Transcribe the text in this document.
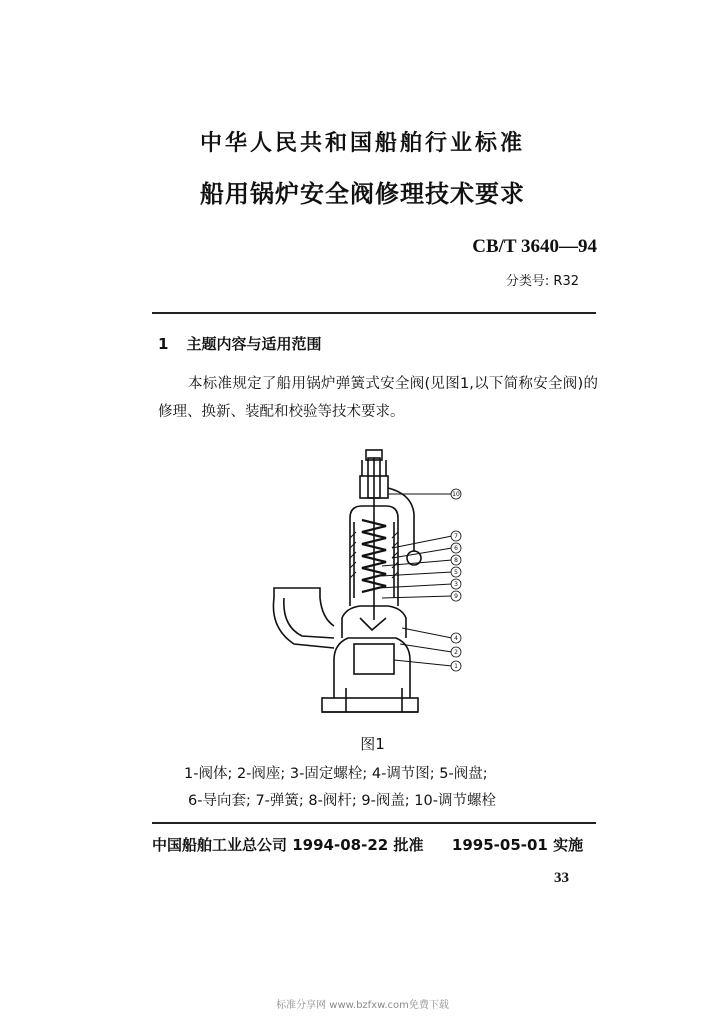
中华人民共和国船舶行业标准
船用锅炉安全阀修理技术要求
CB/T 3640—94
分类号: R32
1 主题内容与适用范围
本标准规定了船用锅炉弹簧式安全阀(见图1,以下简称安全阀)的修理、换新、装配和校验等技术要求。
10
7
6
8
5
3
9
4
2
1
图1
1-阀体; 2-阀座; 3-固定螺栓; 4-调节图; 5-阀盘;
6-导向套; 7-弹簧; 8-阀杆; 9-阀盖; 10-调节螺栓
中国船舶工业总公司 1994-08-22 批准 1995-05-01 实施
33
标准分享网 www.bzfxw.com免费下载
